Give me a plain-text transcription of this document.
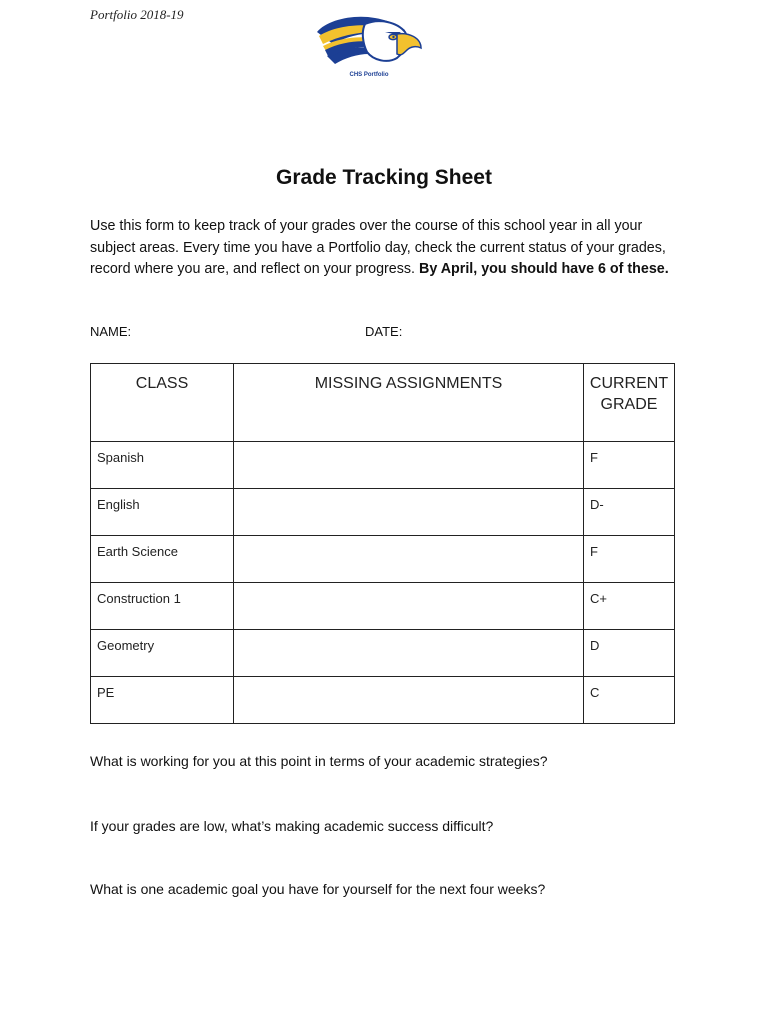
Portfolio 2018-19
CHS Portfolio
Grade Tracking Sheet
Use this form to keep track of your grades over the course of this school year in all your subject areas. Every time you have a Portfolio day, check the current status of your grades, record where you are, and reflect on your progress. By April, you should have 6 of these.
NAME:	DATE:
CLASS	MISSING ASSIGNMENTS	CURRENT GRADE
Spanish		F
English		D-
Earth Science		F
Construction 1		C+
Geometry		D
PE		C
What is working for you at this point in terms of your academic strategies?
If your grades are low, what’s making academic success difficult?
What is one academic goal you have for yourself for the next four weeks?
